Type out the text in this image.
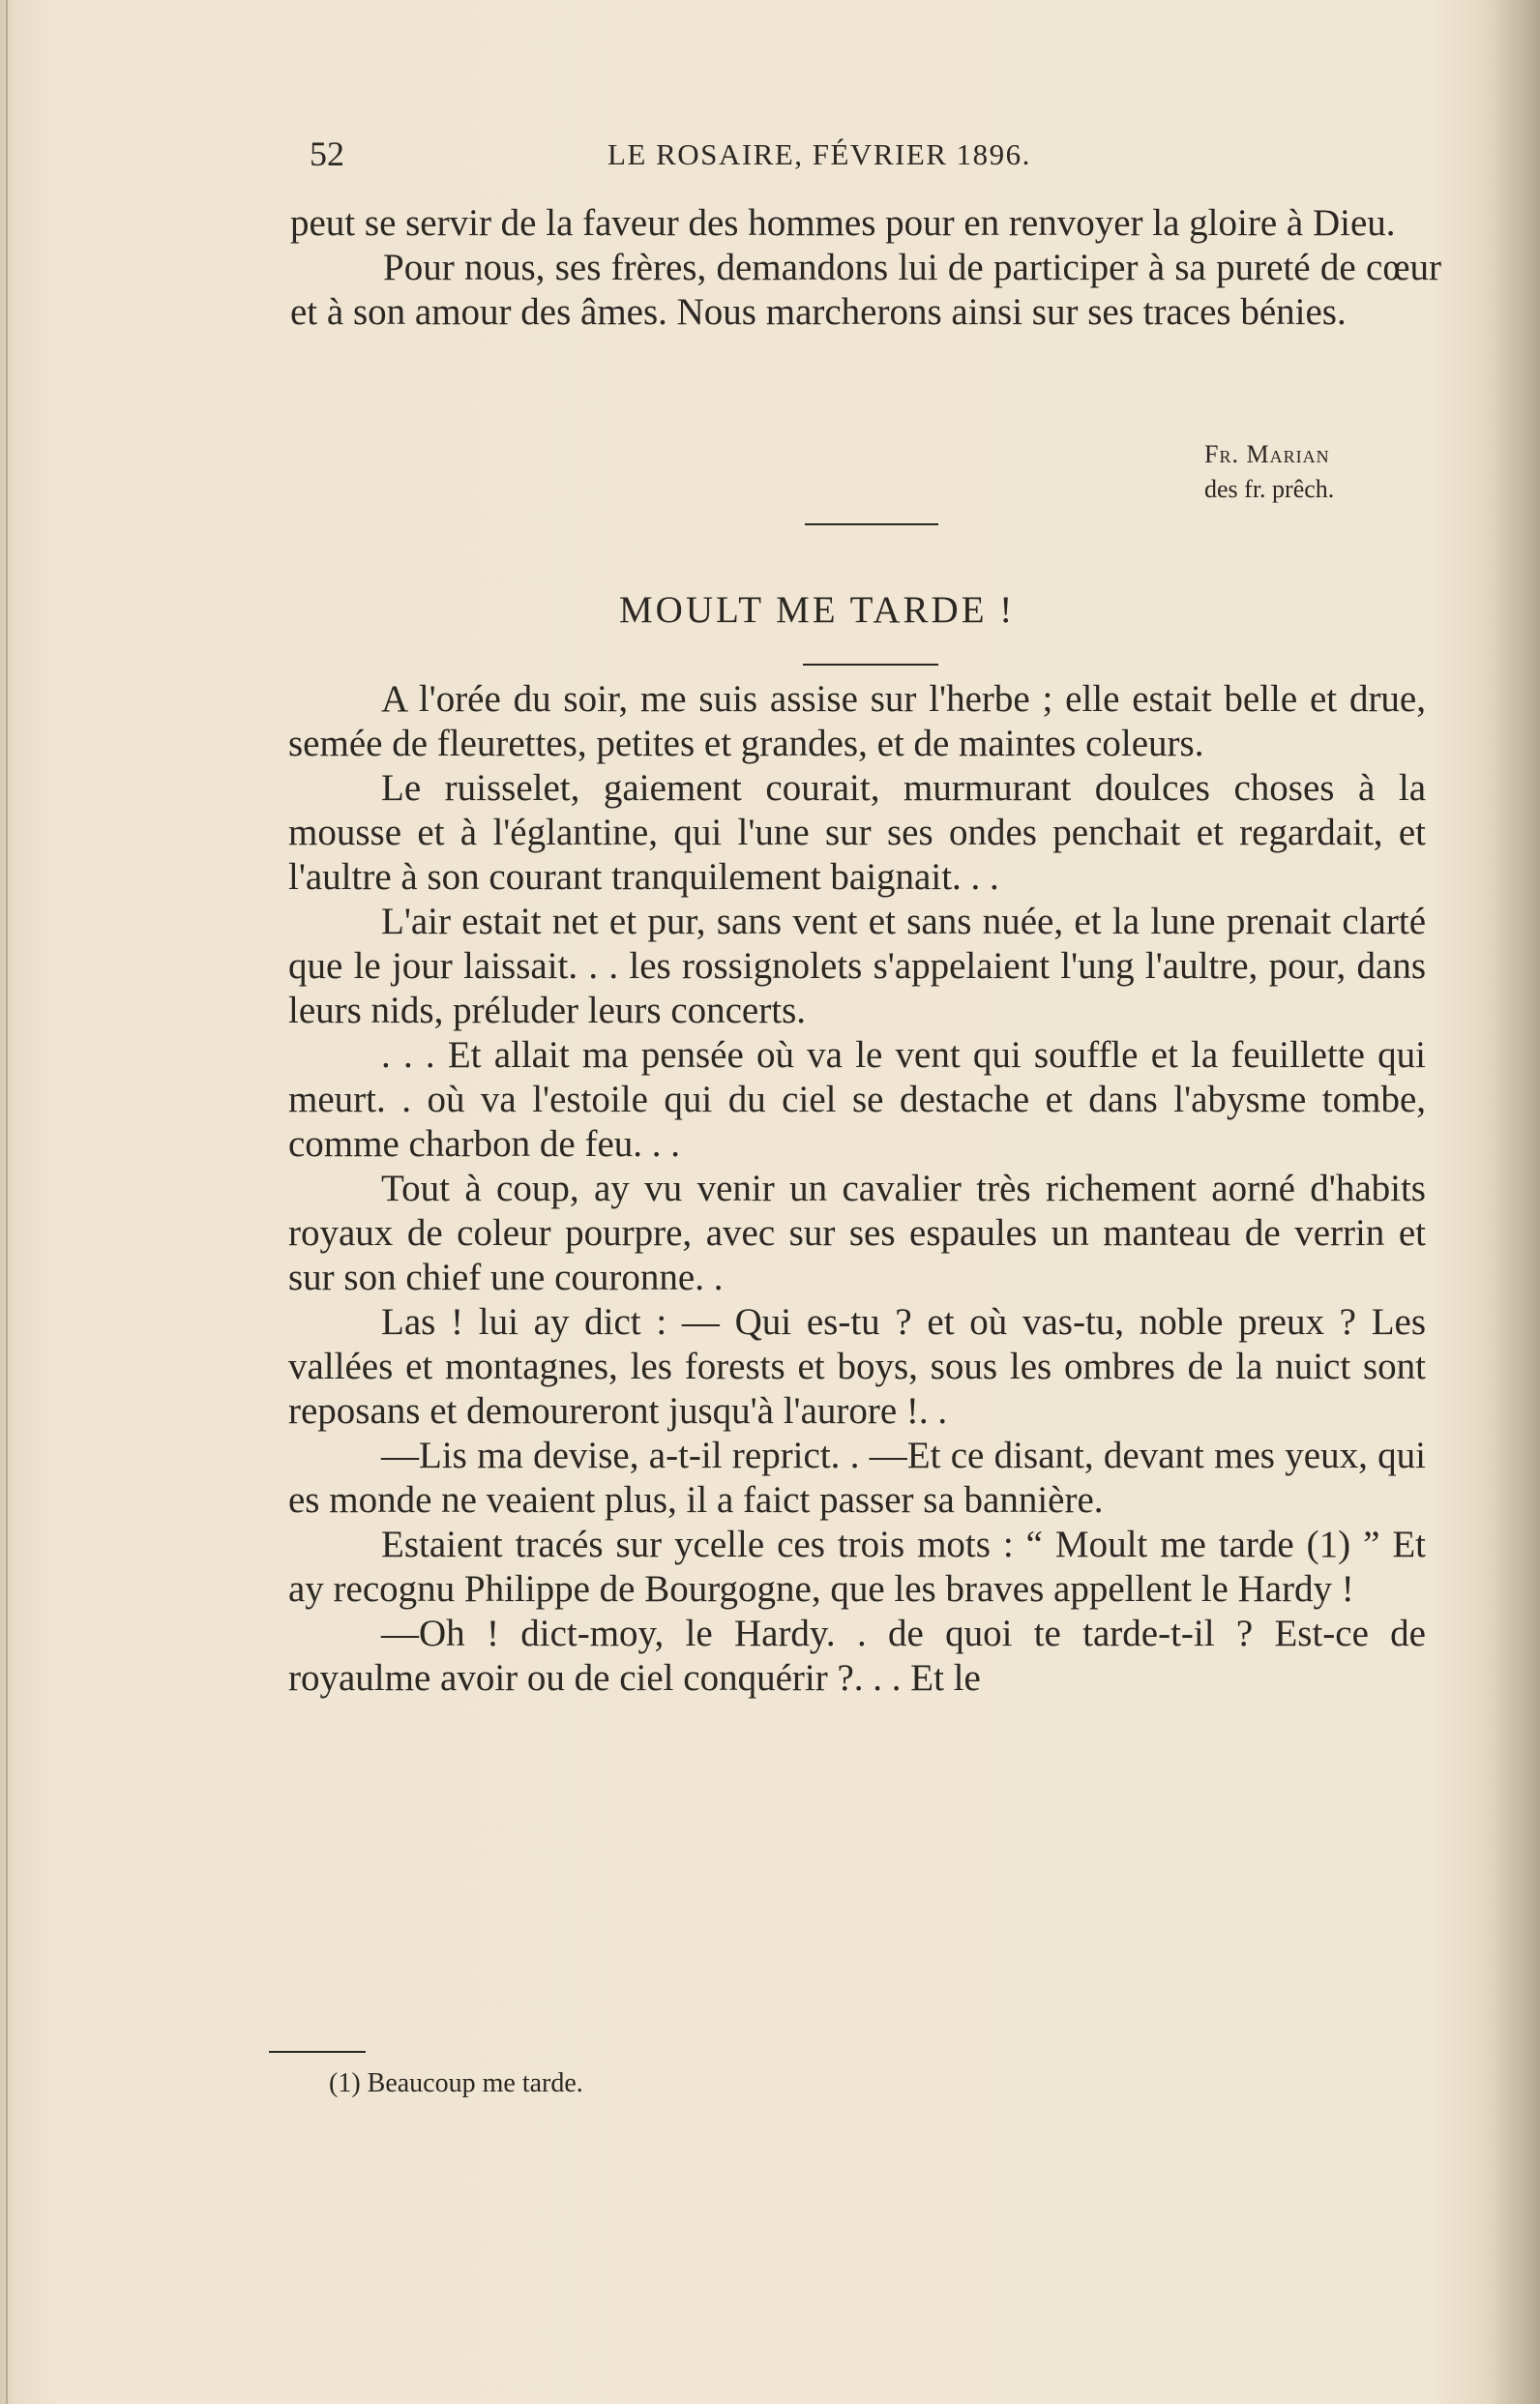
52	LE ROSAIRE, FÉVRIER 1896.

peut se servir de la faveur des hommes pour en renvoyer la gloire à Dieu.

Pour nous, ses frères, demandons lui de participer à sa pureté de cœur et à son amour des âmes. Nous marcherons ainsi sur ses traces bénies.

Fr. Marian
des fr. prêch.
MOULT ME TARDE !

A l'orée du soir, me suis assise sur l'herbe ; elle estait belle et drue, semée de fleurettes, petites et grandes, et de maintes coleurs.

Le ruisselet, gaiement courait, murmurant doulces choses à la mousse et à l'églantine, qui l'une sur ses ondes penchait et regardait, et l'aultre à son courant tranquilement baignait. . .

L'air estait net et pur, sans vent et sans nuée, et la lune prenait clarté que le jour laissait. . . les rossignolets s'appelaient l'ung l'aultre, pour, dans leurs nids, préluder leurs concerts.

. . . Et allait ma pensée où va le vent qui souffle et la feuillette qui meurt. . où va l'estoile qui du ciel se destache et dans l'abysme tombe, comme charbon de feu. . .

Tout à coup, ay vu venir un cavalier très richement aorné d'habits royaux de coleur pourpre, avec sur ses espaules un manteau de verrin et sur son chief une couronne. .

Las ! lui ay dict : — Qui es-tu ? et où vas-tu, noble preux ? Les vallées et montagnes, les forests et boys, sous les ombres de la nuict sont reposans et demoureront jusqu'à l'aurore !. .

—Lis ma devise, a-t-il reprict. . —Et ce disant, devant mes yeux, qui es monde ne veaient plus, il a faict passer sa bannière.

Estaient tracés sur ycelle ces trois mots : “ Moult me tarde (1) ” Et ay recognu Philippe de Bourgogne, que les braves appellent le Hardy !

—Oh ! dict-moy, le Hardy. . de quoi te tarde-t-il ? Est-ce de royaulme avoir ou de ciel conquérir ?. . . Et le

(1) Beaucoup me tarde.
